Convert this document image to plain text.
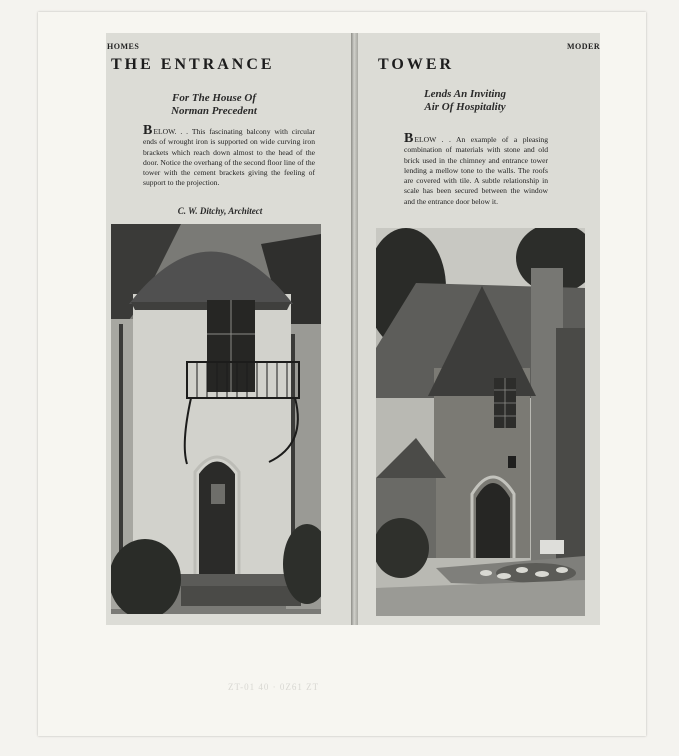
HOMES	MODER
THE ENTRANCE	TOWER
For The House Of
Norman Precedent
Lends An Inviting
Air Of Hospitality
BELOW. . . This fascinating balcony with circular ends of wrought iron is supported on wide curving iron brackets which reach down almost to the head of the door. Notice the overhang of the second floor line of the tower with the cement brackets giving the feeling of support to the projection.
BELOW . . An example of a pleasing combination of materials with stone and old brick used in the chimney and entrance tower lending a mellow tone to the walls. The roofs are covered with tile. A subtle relationship in scale has been secured between the window and the entrance door below it.
C. W. Ditchy, Architect
ZT-01 40 · 0Z61 ZT
